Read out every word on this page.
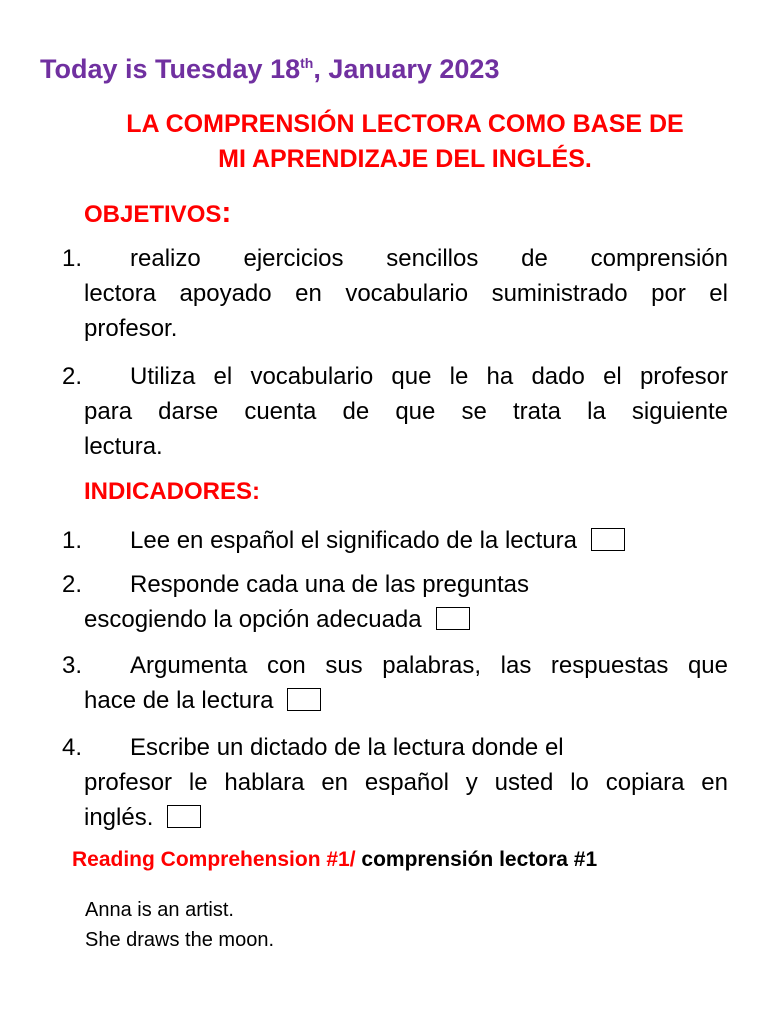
Today is Tuesday 18th, January 2023
LA COMPRENSIÓN LECTORA COMO BASE DE
MI APRENDIZAJE DEL INGLÉS.
OBJETIVOS:
1.	realizo ejercicios sencillos de comprensión
lectora apoyado en vocabulario suministrado por el
profesor.
2.	Utiliza el vocabulario que le ha dado el profesor
para darse cuenta de que se trata la siguiente
lectura.
INDICADORES:
1.	Lee en español el significado de la lectura
2.	Responde cada una de las preguntas
escogiendo la opción adecuada
3.	Argumenta con sus palabras, las respuestas que
hace de la lectura
4.	Escribe un dictado de la lectura donde el
profesor le hablara en español y usted lo copiara en
inglés.
Reading Comprehension #1/ comprensión lectora #1
Anna is an artist.
She draws the moon.
